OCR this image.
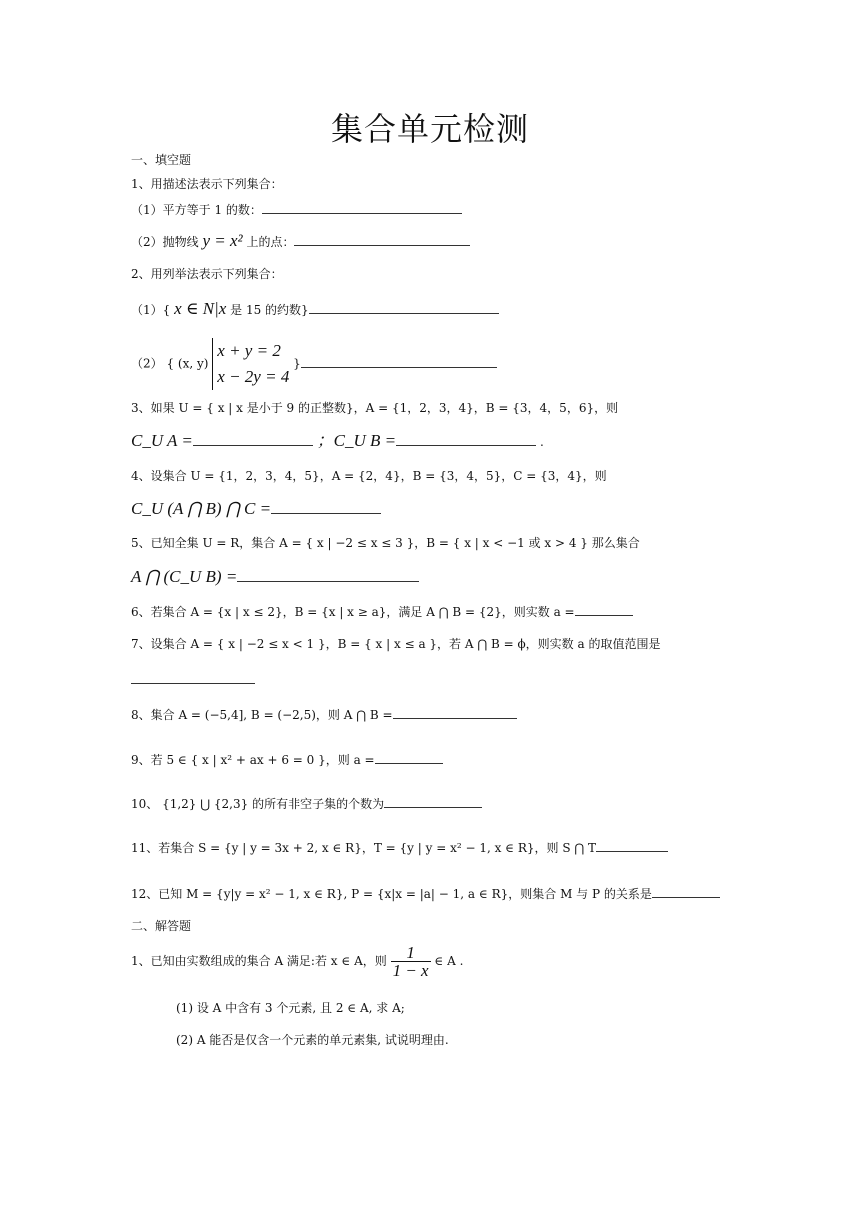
集合单元检测
一、填空题
1、用描述法表示下列集合：
（1）平方等于 1 的数：
（2）抛物线 y = x² 上的点：
2、用列举法表示下列集合：
（1）{ x ∈ N|x 是 15 的约数}
（2） { (x, y)
x + y = 2
x − 2y = 4
}
3、如果 U = { x | x 是小于 9 的正整数}，A = {1，2，3，4}，B = {3，4，5，6}，则
C_U A =	；C_U B =	.
4、设集合 U = {1，2，3，4，5}，A = {2，4}，B = {3，4，5}，C = {3，4}，则
C_U (A ⋂ B) ⋂ C =
5、已知全集 U = R，集合 A = { x | −2 ≤ x ≤ 3 }，B = { x | x < −1 或 x > 4 } 那么集合
A ⋂ (C_U B) =
6、若集合 A = {x | x ≤ 2}，B = {x | x ≥ a}，满足 A ⋂ B = {2}，则实数 a =
7、设集合 A = { x | −2 ≤ x < 1 }，B = { x | x ≤ a }，若 A ⋂ B = ϕ，则实数 a 的取值范围是
8、集合 A = (−5,4], B = (−2,5)，则 A ⋂ B =
9、若 5 ∈ { x | x² + ax + 6 = 0 }，则 a =
10、 {1,2} ⋃ {2,3} 的所有非空子集的个数为
11、若集合 S = {y | y = 3x + 2, x ∈ R}，T = {y | y = x² − 1, x ∈ R}，则 S ⋂ T
12、已知 M = {y|y = x² − 1, x ∈ R}, P = {x|x = |a| − 1, a ∈ R}，则集合 M 与 P 的关系是
二、解答题
1、已知由实数组成的集合 A 满足:若 x ∈ A，则 $\frac{1}{1 - x}$ ∈ A .
(1) 设 A 中含有 3 个元素, 且 2 ∈ A, 求 A;
(2) A 能否是仅含一个元素的单元素集, 试说明理由.
